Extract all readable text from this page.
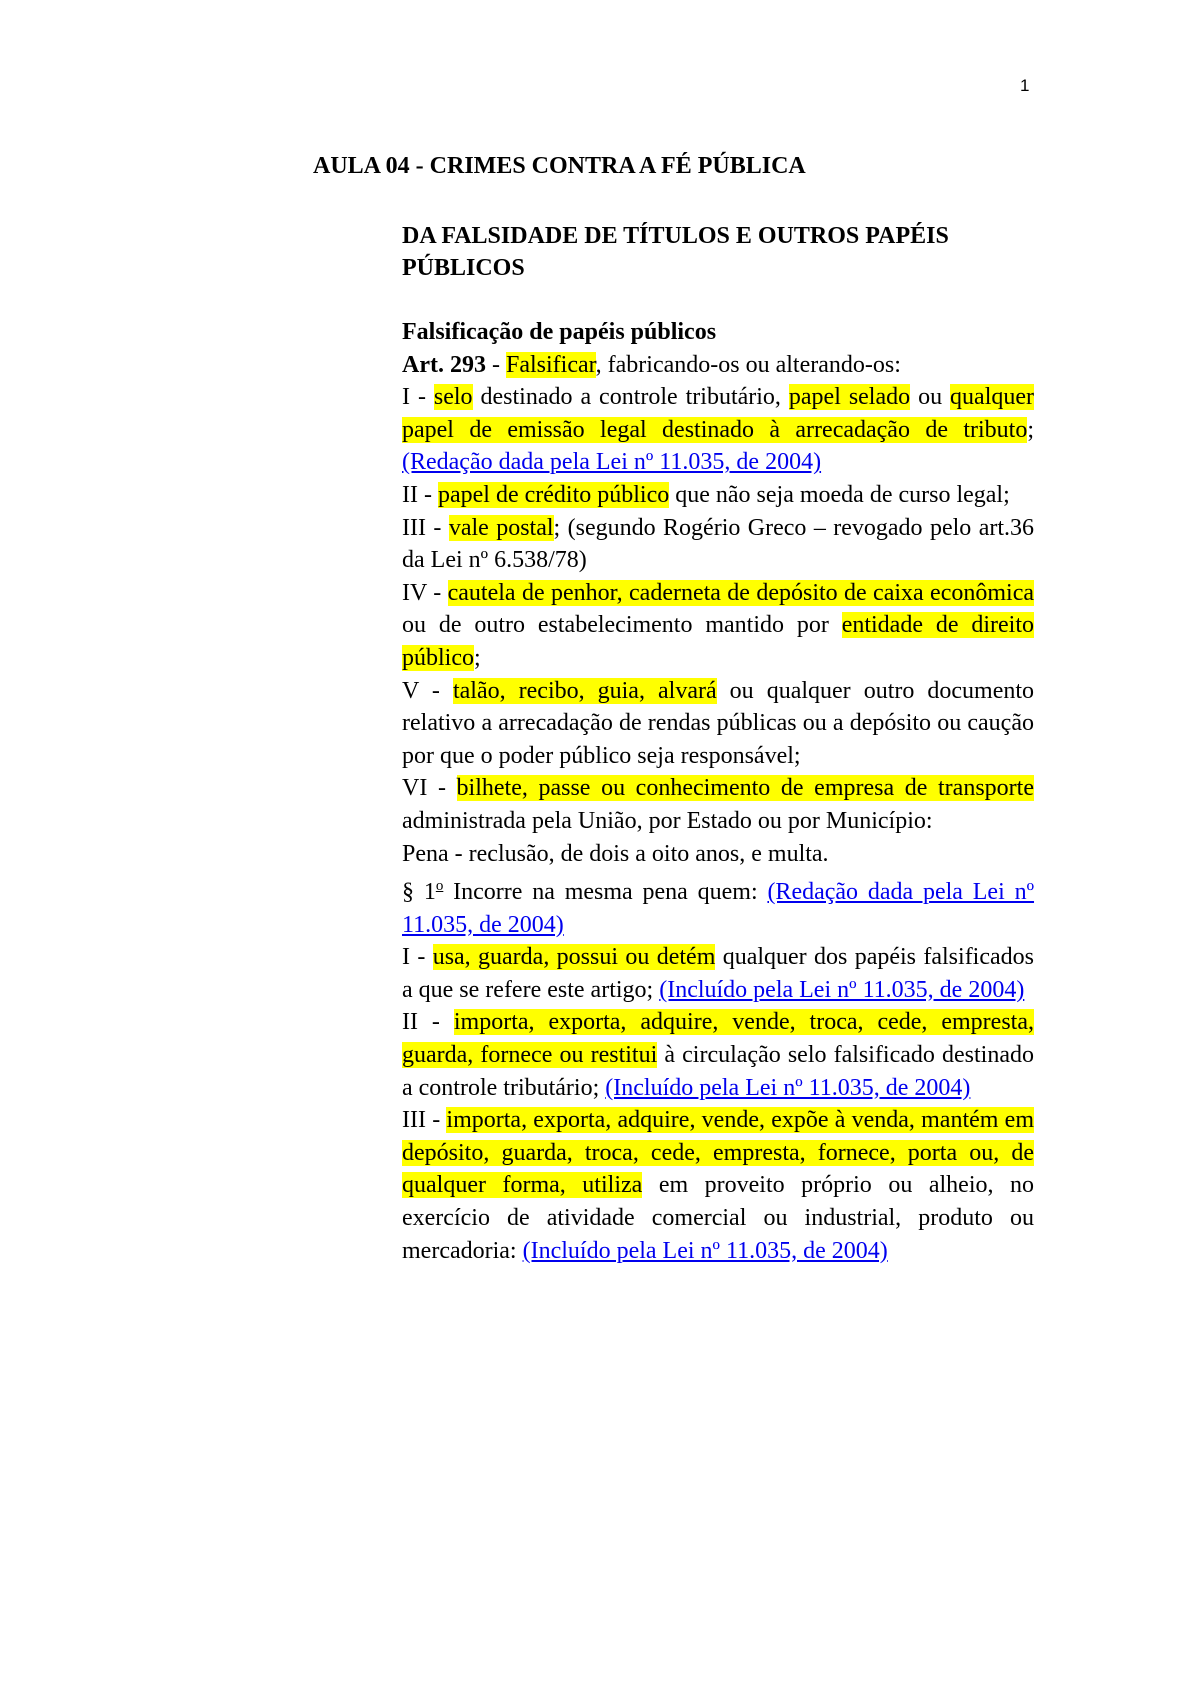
1
AULA 04 - CRIMES CONTRA A FÉ PÚBLICA
DA FALSIDADE DE TÍTULOS E OUTROS PAPÉIS PÚBLICOS

Falsificação de papéis públicos

Art. 293 - Falsificar, fabricando-os ou alterando-os:

I - selo destinado a controle tributário, papel selado ou qualquer papel de emissão legal destinado à arrecadação de tributo; (Redação dada pela Lei nº 11.035, de 2004)

II - papel de crédito público que não seja moeda de curso legal;

III - vale postal; (segundo Rogério Greco – revogado pelo art.36 da Lei nº 6.538/78)

IV - cautela de penhor, caderneta de depósito de caixa econômica ou de outro estabelecimento mantido por entidade de direito público;

V - talão, recibo, guia, alvará ou qualquer outro documento relativo a arrecadação de rendas públicas ou a depósito ou caução por que o poder público seja responsável;

VI - bilhete, passe ou conhecimento de empresa de transporte administrada pela União, por Estado ou por Município:

Pena - reclusão, de dois a oito anos, e multa.

§ 1$^o$ Incorre na mesma pena quem: (Redação dada pela Lei nº 11.035, de 2004)

I - usa, guarda, possui ou detém qualquer dos papéis falsificados a que se refere este artigo; (Incluído pela Lei nº 11.035, de 2004)

II - importa, exporta, adquire, vende, troca, cede, empresta, guarda, fornece ou restitui à circulação selo falsificado destinado a controle tributário; (Incluído pela Lei nº 11.035, de 2004)

III - importa, exporta, adquire, vende, expõe à venda, mantém em depósito, guarda, troca, cede, empresta, fornece, porta ou, de qualquer forma, utiliza em proveito próprio ou alheio, no exercício de atividade comercial ou industrial, produto ou mercadoria: (Incluído pela Lei nº 11.035, de 2004)
